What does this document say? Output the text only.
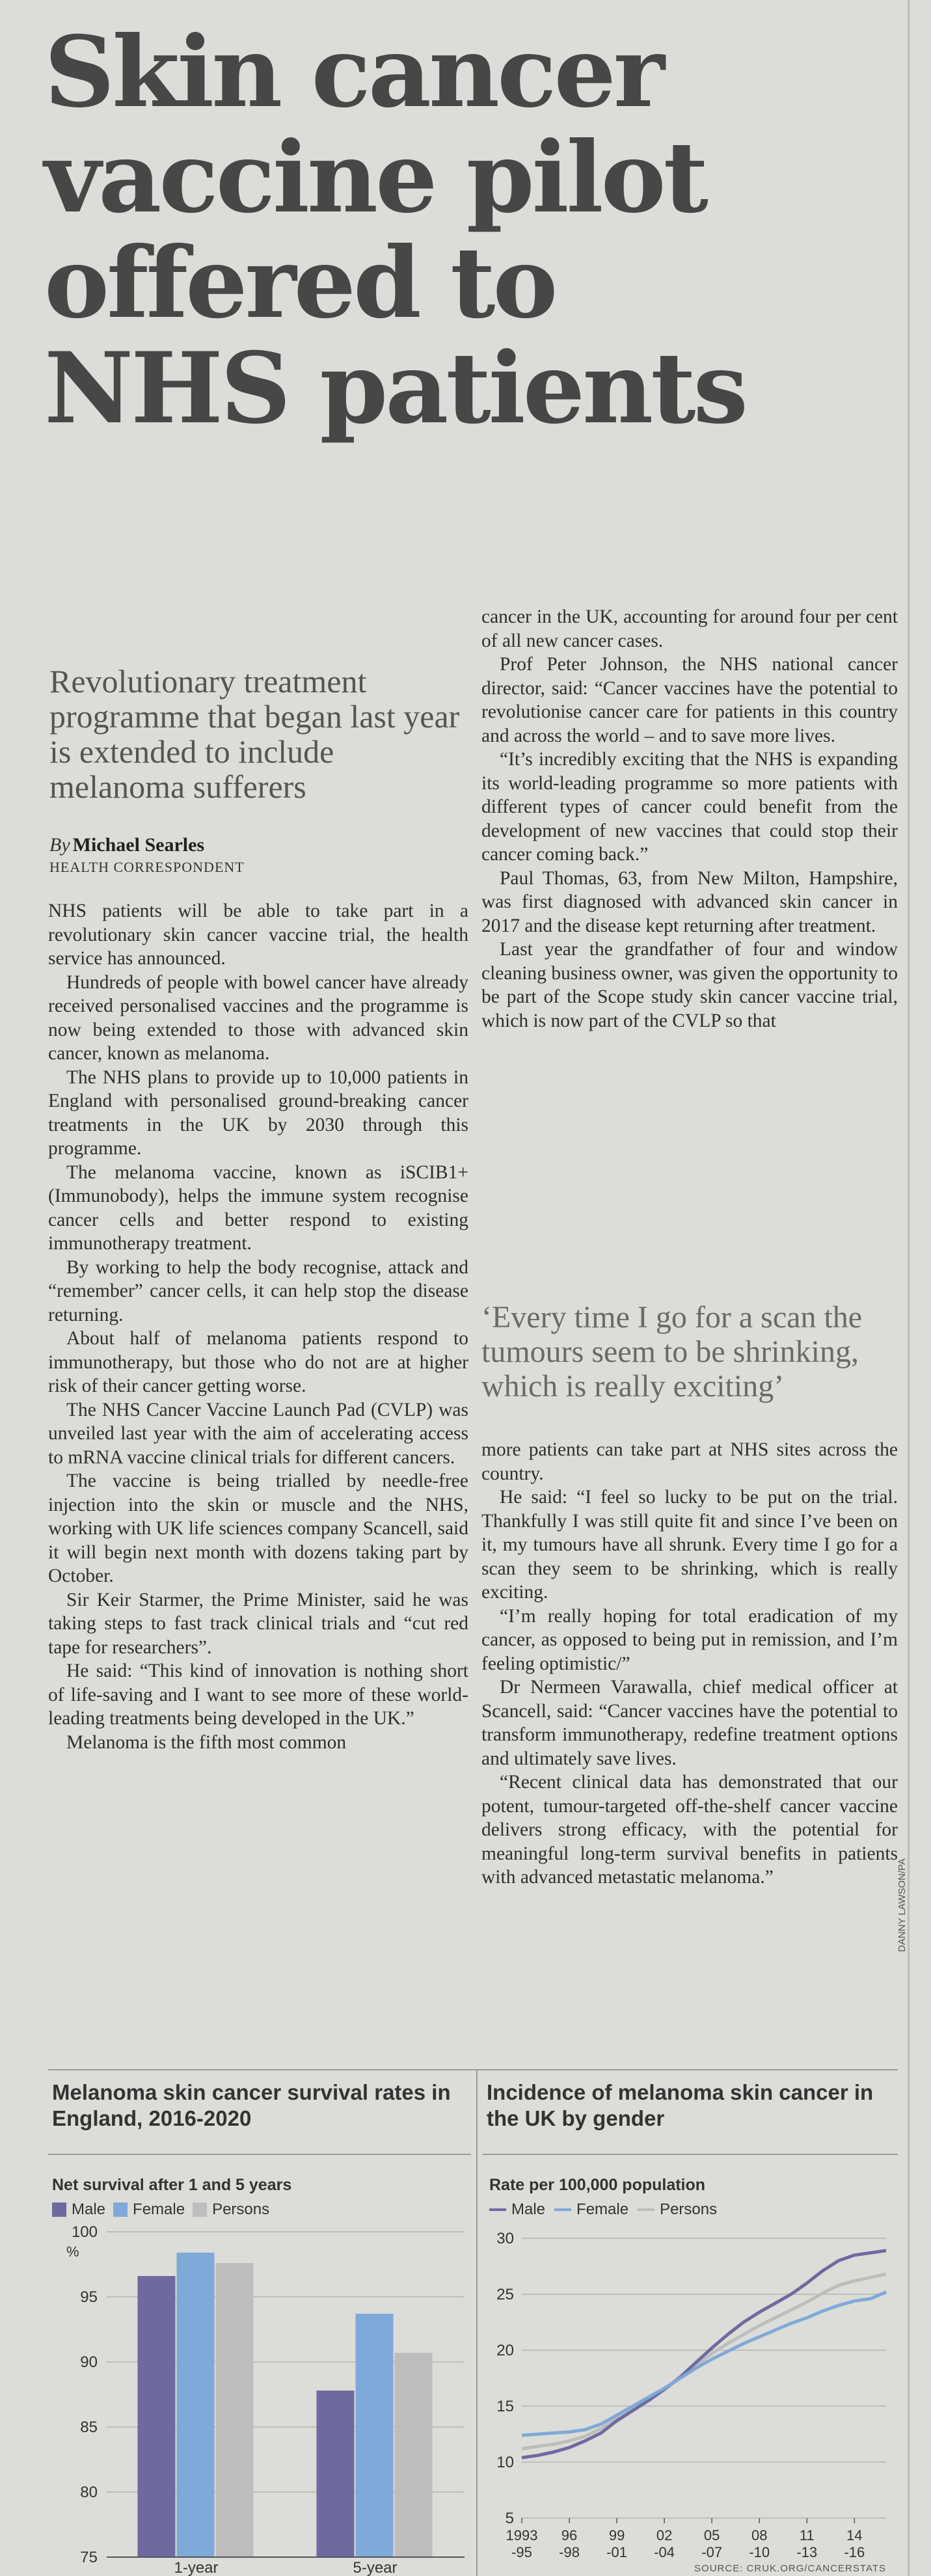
Skin cancer
vaccine pilot
offered to
NHS patients
Revolutionary treatment programme that began last year is extended to include melanoma sufferers
By Michael Searles
HEALTH CORRESPONDENT

NHS patients will be able to take part in a revolutionary skin cancer vaccine trial, the health service has announced.

Hundreds of people with bowel cancer have already received personalised vaccines and the programme is now being extended to those with advanced skin cancer, known as melanoma.

The NHS plans to provide up to 10,000 patients in England with personalised ground-breaking cancer treatments in the UK by 2030 through this programme.

The melanoma vaccine, known as iSCIB1+ (Immunobody), helps the immune system recognise cancer cells and better respond to existing immunotherapy treatment.

By working to help the body recognise, attack and “remember” cancer cells, it can help stop the disease returning.

About half of melanoma patients respond to immunotherapy, but those who do not are at higher risk of their cancer getting worse.

The NHS Cancer Vaccine Launch Pad (CVLP) was unveiled last year with the aim of accelerating access to mRNA vaccine clinical trials for different cancers.

The vaccine is being trialled by needle-free injection into the skin or muscle and the NHS, working with UK life sciences company Scancell, said it will begin next month with dozens taking part by October.

Sir Keir Starmer, the Prime Minister, said he was taking steps to fast track clinical trials and “cut red tape for researchers”.

He said: “This kind of innovation is nothing short of life-saving and I want to see more of these world-leading treatments being developed in the UK.”

Melanoma is the fifth most common

cancer in the UK, accounting for around four per cent of all new cancer cases.

Prof Peter Johnson, the NHS national cancer director, said: “Cancer vaccines have the potential to revolutionise cancer care for patients in this country and across the world – and to save more lives.

“It’s incredibly exciting that the NHS is expanding its world-leading programme so more patients with different types of cancer could benefit from the development of new vaccines that could stop their cancer coming back.”

Paul Thomas, 63, from New Milton, Hampshire, was first diagnosed with advanced skin cancer in 2017 and the disease kept returning after treatment.

Last year the grandfather of four and window cleaning business owner, was given the opportunity to be part of the Scope study skin cancer vaccine trial, which is now part of the CVLP so that

‘Every time I go for a scan the tumours seem to be shrinking, which is really exciting’

more patients can take part at NHS sites across the country.

He said: “I feel so lucky to be put on the trial. Thankfully I was still quite fit and since I’ve been on it, my tumours have all shrunk. Every time I go for a scan they seem to be shrinking, which is really exciting.

“I’m really hoping for total eradication of my cancer, as opposed to being put in remission, and I’m feeling optimistic/”

Dr Nermeen Varawalla, chief medical officer at Scancell, said: “Cancer vaccines have the potential to transform immunotherapy, redefine treatment options and ultimately save lives.

“Recent clinical data has demonstrated that our potent, tumour-targeted off-the-shelf cancer vaccine delivers strong efficacy, with the potential for meaningful long-term survival benefits in patients with advanced metastatic melanoma.”	DANNY LAWSON/PA
Melanoma skin cancer survival rates in England, 2016-2020
Net survival after 1 and 5 years
Male Female Persons
Incidence of melanoma skin cancer in the UK by gender
Rate per 100,000 population
Male Female Persons
100
95
90
85
80
75
%
1-year	5-year
30
25
20
15
10
5
1993
-95
96
-98
99
-01
02
-04
05
-07
08
-10
11
-13
14
-16
SOURCE: CRUK.ORG/CANCERSTATS
